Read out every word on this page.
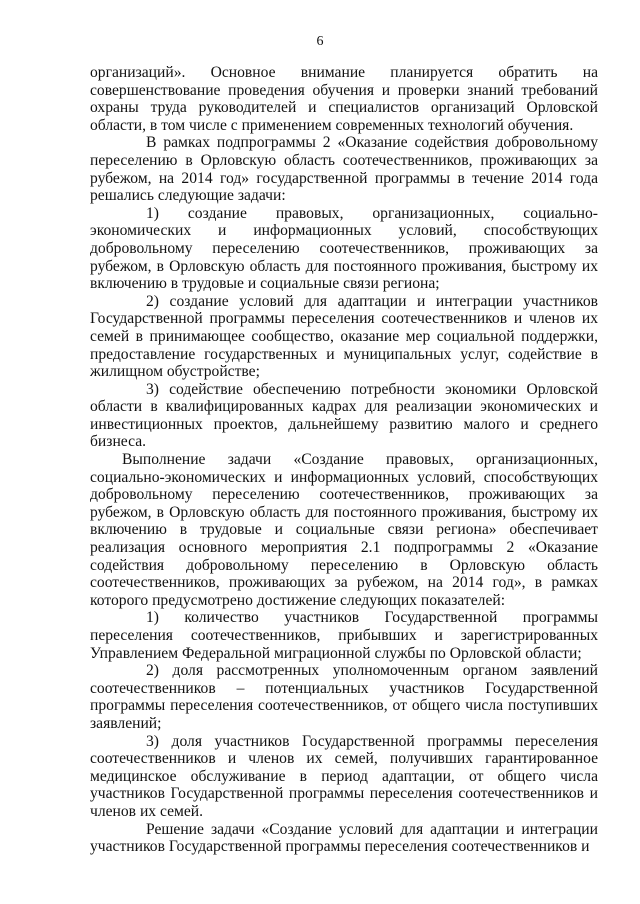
6

организаций». Основное внимание планируется обратить на совершенствование проведения обучения и проверки знаний требований охраны труда руководителей и специалистов организаций Орловской области, в том числе с применением современных технологий обучения.

В рамках подпрограммы 2 «Оказание содействия добровольному переселению в Орловскую область соотечественников, проживающих за рубежом, на 2014 год» государственной программы в течение 2014 года решались следующие задачи:

1) создание правовых, организационных, социально-экономических и информационных условий, способствующих добровольному переселению соотечественников, проживающих за рубежом, в Орловскую область для постоянного проживания, быстрому их включению в трудовые и социальные связи региона;

2) создание условий для адаптации и интеграции участников Государственной программы переселения соотечественников и членов их семей в принимающее сообщество, оказание мер социальной поддержки, предоставление государственных и муниципальных услуг, содействие в жилищном обустройстве;

3) содействие обеспечению потребности экономики Орловской области в квалифицированных кадрах для реализации экономических и инвестиционных проектов, дальнейшему развитию малого и среднего бизнеса.

Выполнение задачи «Создание правовых, организационных, социально-экономических и информационных условий, способствующих добровольному переселению соотечественников, проживающих за рубежом, в Орловскую область для постоянного проживания, быстрому их включению в трудовые и социальные связи региона» обеспечивает реализация основного мероприятия 2.1 подпрограммы 2 «Оказание содействия добровольному переселению в Орловскую область соотечественников, проживающих за рубежом, на 2014 год», в рамках которого предусмотрено достижение следующих показателей:

1) количество участников Государственной программы переселения соотечественников, прибывших и зарегистрированных Управлением Федеральной миграционной службы по Орловской области;

2) доля рассмотренных уполномоченным органом заявлений соотечественников – потенциальных участников Государственной программы переселения соотечественников, от общего числа поступивших заявлений;

3) доля участников Государственной программы переселения соотечественников и членов их семей, получивших гарантированное медицинское обслуживание в период адаптации, от общего числа участников Государственной программы переселения соотечественников и членов их семей.

Решение задачи «Создание условий для адаптации и интеграции участников Государственной программы переселения соотечественников и
